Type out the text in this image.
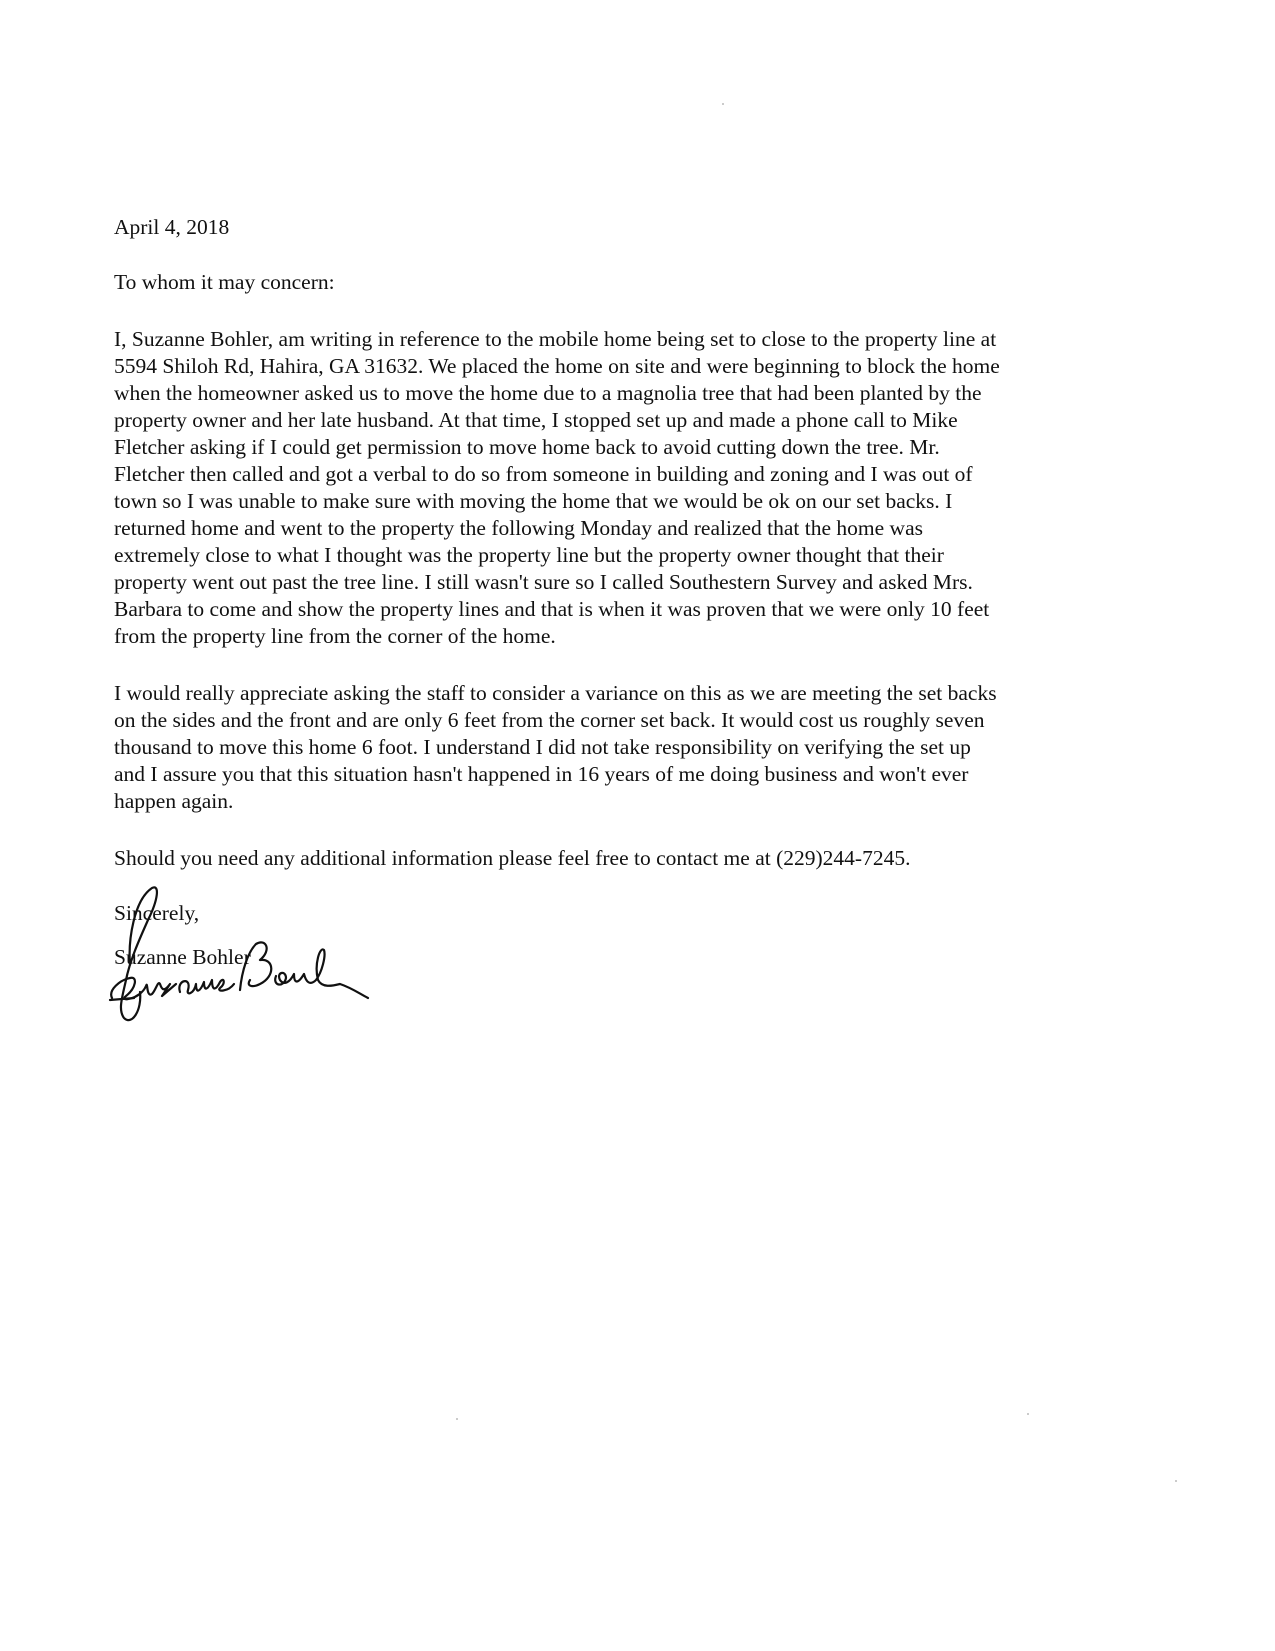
April 4, 2018
To whom it may concern:
I, Suzanne Bohler, am writing in reference to the mobile home being set to close to the property line at
5594 Shiloh Rd, Hahira, GA 31632. We placed the home on site and were beginning to block the home
when the homeowner asked us to move the home due to a magnolia tree that had been planted by the
property owner and her late husband. At that time, I stopped set up and made a phone call to Mike
Fletcher asking if I could get permission to move home back to avoid cutting down the tree. Mr.
Fletcher then called and got a verbal to do so from someone in building and zoning and I was out of
town so I was unable to make sure with moving the home that we would be ok on our set backs. I
returned home and went to the property the following Monday and realized that the home was
extremely close to what I thought was the property line but the property owner thought that their
property went out past the tree line. I still wasn't sure so I called Southestern Survey and asked Mrs.
Barbara to come and show the property lines and that is when it was proven that we were only 10 feet
from the property line from the corner of the home.
I would really appreciate asking the staff to consider a variance on this as we are meeting the set backs
on the sides and the front and are only 6 feet from the corner set back. It would cost us roughly seven
thousand to move this home 6 foot. I understand I did not take responsibility on verifying the set up
and I assure you that this situation hasn't happened in 16 years of me doing business and won't ever
happen again.
Should you need any additional information please feel free to contact me at (229)244-7245.
Sincerely,
Suzanne Bohler
